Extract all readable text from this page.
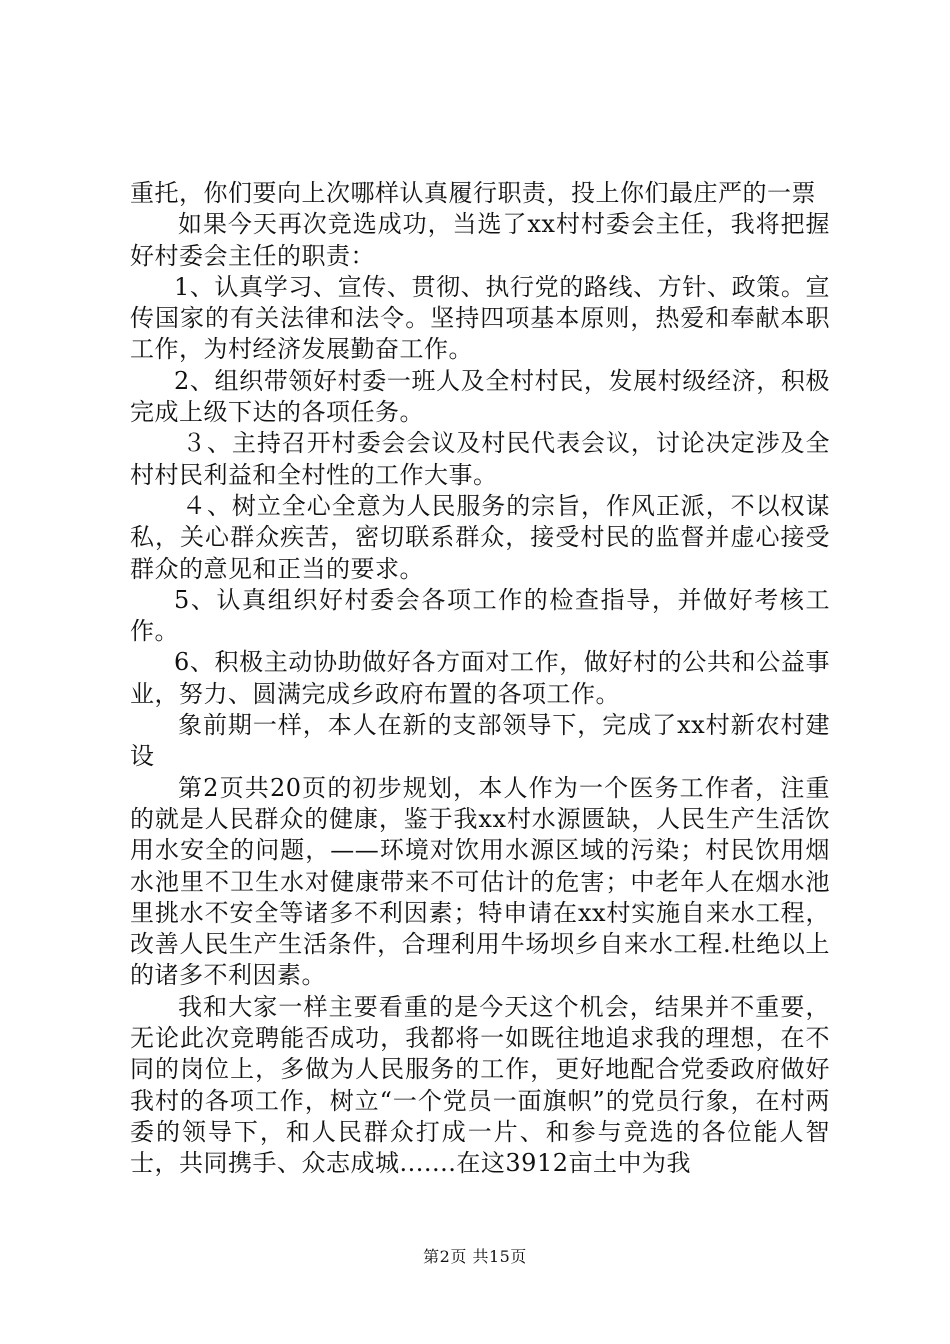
重托，你们要向上次哪样认真履行职责，投上你们最庄严的一票

如果今天再次竞选成功，当选了xx村村委会主任，我将把握好村委会主任的职责：

1、认真学习、宣传、贯彻、执行党的路线、方针、政策。宣传国家的有关法律和法令。坚持四项基本原则，热爱和奉献本职工作，为村经济发展勤奋工作。

2、组织带领好村委一班人及全村村民，发展村级经济，积极完成上级下达的各项任务。

３、主持召开村委会会议及村民代表会议，讨论决定涉及全村村民利益和全村性的工作大事。

４、树立全心全意为人民服务的宗旨，作风正派，不以权谋私，关心群众疾苦，密切联系群众，接受村民的监督并虚心接受群众的意见和正当的要求。

5、认真组织好村委会各项工作的检查指导，并做好考核工作。

6、积极主动协助做好各方面对工作，做好村的公共和公益事业，努力、圆满完成乡政府布置的各项工作。

象前期一样，本人在新的支部领导下，完成了xx村新农村建设

第2页共20页的初步规划，本人作为一个医务工作者，注重的就是人民群众的健康，鉴于我xx村水源匮缺，人民生产生活饮用水安全的问题，——环境对饮用水源区域的污染；村民饮用烟水池里不卫生水对健康带来不可估计的危害；中老年人在烟水池里挑水不安全等诸多不利因素；特申请在xx村实施自来水工程，改善人民生产生活条件，合理利用牛场坝乡自来水工程.杜绝以上的诸多不利因素。

我和大家一样主要看重的是今天这个机会，结果并不重要，无论此次竞聘能否成功，我都将一如既往地追求我的理想，在不同的岗位上，多做为人民服务的工作，更好地配合党委政府做好我村的各项工作，树立“一个党员一面旗帜”的党员行象，在村两委的领导下，和人民群众打成一片、和参与竞选的各位能人智士，共同携手、众志成城.......在这3912亩土中为我

第2页 共15页
